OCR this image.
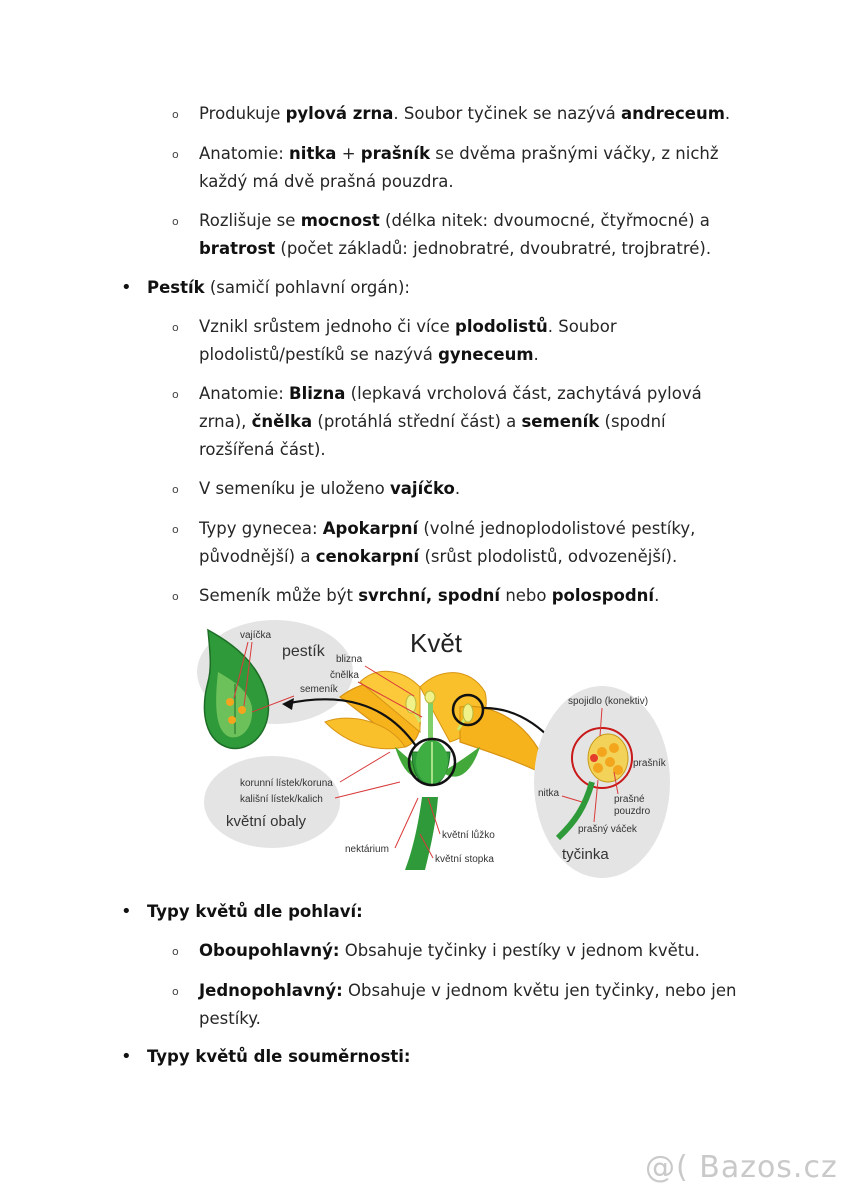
o Produkuje pylová zrna. Soubor tyčinek se nazývá andreceum.
o Anatomie: nitka + prašník se dvěma prašnými váčky, z nichž
každý má dvě prašná pouzdra.
o Rozlišuje se mocnost (délka nitek: dvoumocné, čtyřmocné) a
bratrost (počet základů: jednobratré, dvoubratré, trojbratré).
• Pestík (samičí pohlavní orgán):
o Vznikl srůstem jednoho či více plodolistů. Soubor
plodolistů/pestíků se nazývá gyneceum.
o Anatomie: Blizna (lepkavá vrcholová část, zachytává pylová
zrna), čnělka (protáhlá střední část) a semeník (spodní
rozšířená část).
o V semeníku je uloženo vajíčko.
o Typy gynecea: Apokarpní (volné jednoplodolistové pestíky,
původnější) a cenokarpní (srůst plodolistů, odvozenější).
o Semeník může být svrchní, spodní nebo polospodní.
vajíčka
pestík blizna
čnělka
semeník
Květ
korunní lístek/koruna
kališní lístek/kalich
květní obaly
nektárium
květní lůžko
květní stopka
spojidlo (konektiv)
prašník
prašné
pouzdro
prašný váček
nitka
tyčinka
• Typy květů dle pohlaví:
o Oboupohlavný: Obsahuje tyčinky i pestíky v jednom květu.
o Jednopohlavný: Obsahuje v jednom květu jen tyčinky, nebo jen
pestíky.
• Typy květů dle souměrnosti:
@( Bazos.cz
